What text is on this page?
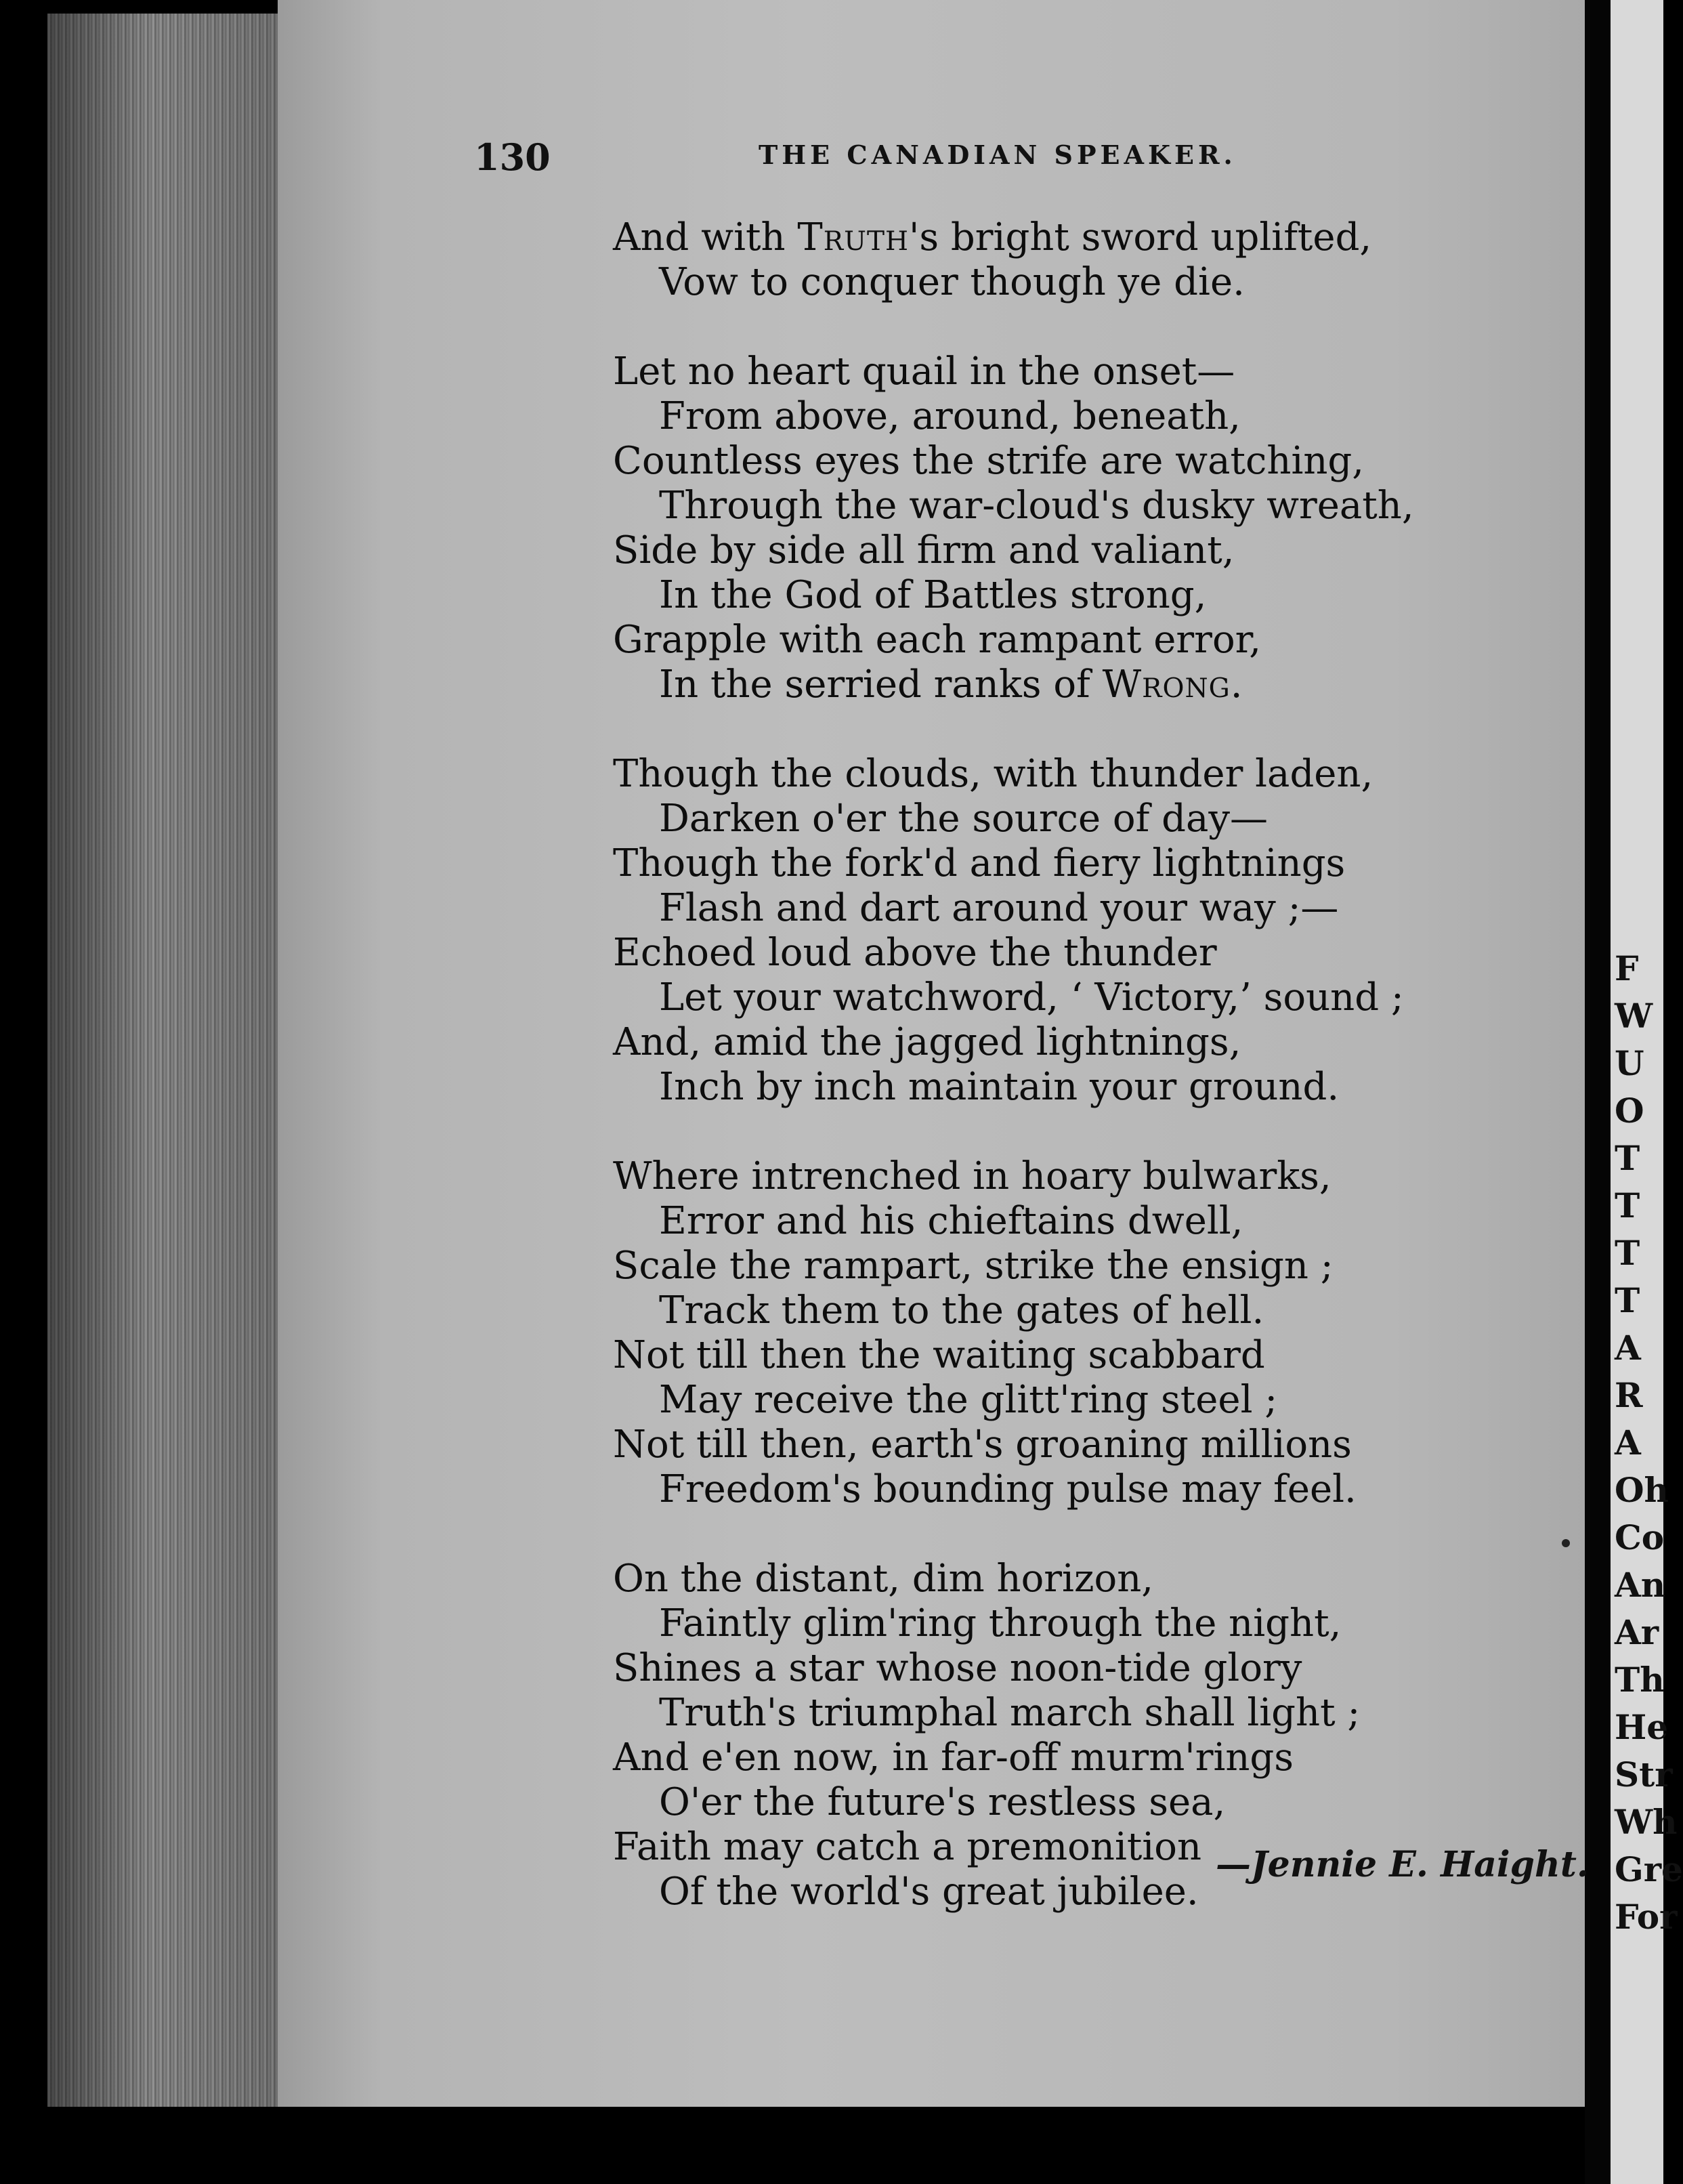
130	THE CANADIAN SPEAKER.
And with Truth's bright sword uplifted,
Vow to conquer though ye die.
Let no heart quail in the onset—
From above, around, beneath,
Countless eyes the strife are watching,
Through the war-cloud's dusky wreath,
Side by side all firm and valiant,
In the God of Battles strong,
Grapple with each rampant error,
In the serried ranks of Wrong.
Though the clouds, with thunder laden,
Darken o'er the source of day—
Though the fork'd and fiery lightnings
Flash and dart around your way ;—
Echoed loud above the thunder
Let your watchword, ‘ Victory,’ sound ;
And, amid the jagged lightnings,
Inch by inch maintain your ground.
Where intrenched in hoary bulwarks,
Error and his chieftains dwell,
Scale the rampart, strike the ensign ;
Track them to the gates of hell.
Not till then the waiting scabbard
May receive the glitt'ring steel ;
Not till then, earth's groaning millions
Freedom's bounding pulse may feel.
On the distant, dim horizon,
Faintly glim'ring through the night,
Shines a star whose noon-tide glory
Truth's triumphal march shall light ;
And e'en now, in far-off murm'rings
O'er the future's restless sea,
Faith may catch a premonition
Of the world's great jubilee.
—Jennie E. Haight.
F
W
U
O
T
T
T
T
A
R
A
Oh
Co
An
Ar
Th
He
Str
Wh
Gre
For
